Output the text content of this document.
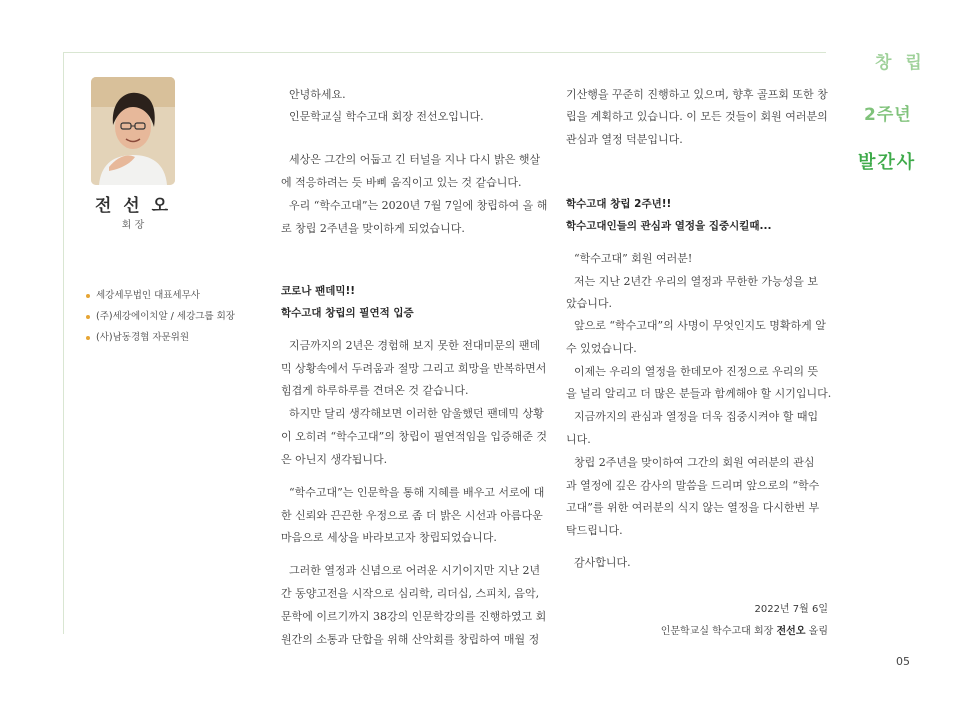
창 립
2주년
발간사
전 선 오
회 장
세강세무법인 대표세무사
(주)세강에이치알 / 세강그룹 회장
(사)남동경협 자문위원
안녕하세요.
인문학교실 학수고대 회장 전선오입니다.
세상은 그간의 어둡고 긴 터널을 지나 다시 밝은 햇살
에 적응하려는 듯 바삐 움직이고 있는 것 같습니다.
우리 “학수고대”는 2020년 7월 7일에 창립하여 올 해
로 창립 2주년을 맞이하게 되었습니다.
코로나 팬데믹!!
학수고대 창립의 필연적 입증
지금까지의 2년은 경험해 보지 못한 전대미문의 팬데
믹 상황속에서 두려움과 절망 그리고 희망을 반복하면서
힘겹게 하루하루를 견뎌온 것 같습니다.
하지만 달리 생각해보면 이러한 암울했던 팬데믹 상황
이 오히려 “학수고대”의 창립이 필연적임을 입증해준 것
은 아닌지 생각됩니다.
“학수고대”는 인문학을 통해 지혜를 배우고 서로에 대
한 신뢰와 끈끈한 우정으로 좀 더 밝은 시선과 아름다운
마음으로 세상을 바라보고자 창립되었습니다.
그러한 열정과 신념으로 어려운 시기이지만 지난 2년
간 동양고전을 시작으로 심리학, 리더십, 스피치, 음악,
문학에 이르기까지 38강의 인문학강의를 진행하였고 회
원간의 소통과 단합을 위해 산악회를 창립하여 매월 정
기산행을 꾸준히 진행하고 있으며, 향후 골프회 또한 창
립을 계획하고 있습니다. 이 모든 것들이 회원 여러분의
관심과 열정 덕분입니다.
학수고대 창립 2주년!!
학수고대인들의 관심과 열정을 집중시킬때...
“학수고대” 회원 여러분!
저는 지난 2년간 우리의 열정과 무한한 가능성을 보
았습니다.
앞으로 “학수고대”의 사명이 무엇인지도 명확하게 알
수 있었습니다.
이제는 우리의 열정을 한데모아 진정으로 우리의 뜻
을 널리 알리고 더 많은 분들과 함께해야 할 시기입니다.
지금까지의 관심과 열정을 더욱 집중시켜야 할 때입
니다.
창립 2주년을 맞이하여 그간의 회원 여러분의 관심
과 열정에 깊은 감사의 말씀을 드리며 앞으로의 “학수
고대”를 위한 여러분의 식지 않는 열정을 다시한번 부
탁드립니다.
감사합니다.
2022년 7월 6일
인문학교실 학수고대 회장 전선오 올림
05
